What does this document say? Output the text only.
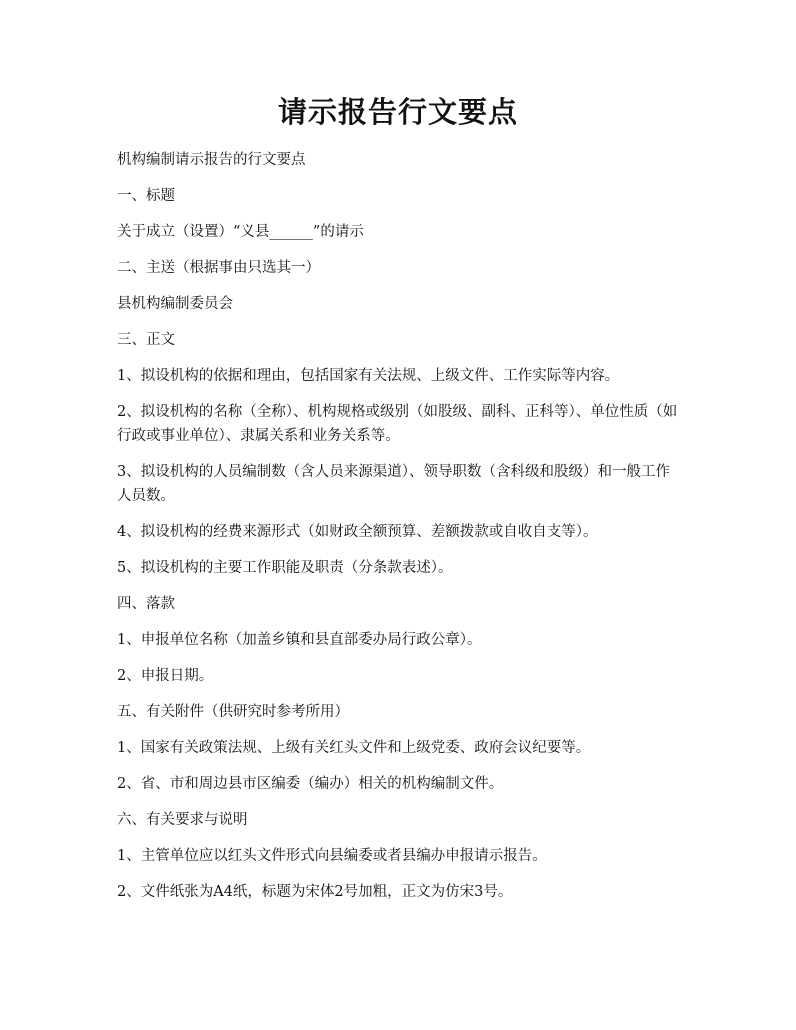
请示报告行文要点

机构编制请示报告的行文要点

一、标题

关于成立（设置）“义县______”的请示

二、主送（根据事由只选其一）

县机构编制委员会

三、正文

1、拟设机构的依据和理由，包括国家有关法规、上级文件、工作实际等内容。

2、拟设机构的名称（全称）、机构规格或级别（如股级、副科、正科等）、单位性质（如行政或事业单位）、隶属关系和业务关系等。

3、拟设机构的人员编制数（含人员来源渠道）、领导职数（含科级和股级）和一般工作人员数。

4、拟设机构的经费来源形式（如财政全额预算、差额拨款或自收自支等）。

5、拟设机构的主要工作职能及职责（分条款表述）。

四、落款

1、申报单位名称（加盖乡镇和县直部委办局行政公章）。

2、申报日期。

五、有关附件（供研究时参考所用）

1、国家有关政策法规、上级有关红头文件和上级党委、政府会议纪要等。

2、省、市和周边县市区编委（编办）相关的机构编制文件。

六、有关要求与说明

1、主管单位应以红头文件形式向县编委或者县编办申报请示报告。

2、文件纸张为A4纸，标题为宋体2号加粗，正文为仿宋3号。
